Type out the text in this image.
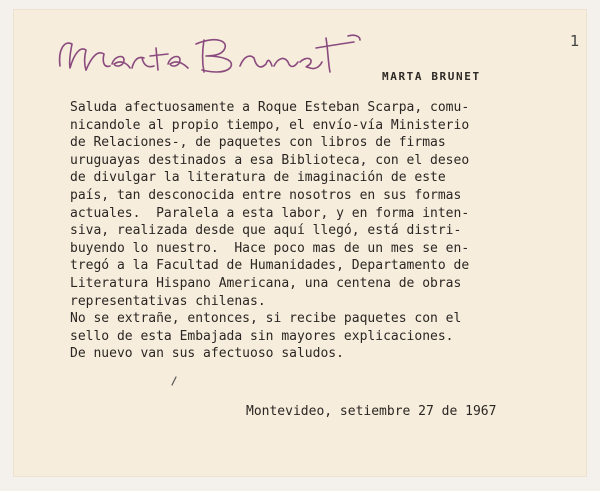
Marta Brunet
1
MARTA BRUNET
Saluda afectuosamente a Roque Esteban Scarpa, comu-
nicandole al propio tiempo, el envío-vía Ministerio
de Relaciones-, de paquetes con libros de firmas
uruguayas destinados a esa Biblioteca, con el deseo
de divulgar la literatura de imaginación de este
país, tan desconocida entre nosotros en sus formas
actuales.  Paralela a esta labor, y en forma inten-
siva, realizada desde que aquí llegó, está distri-
buyendo lo nuestro.  Hace poco mas de un mes se en-
tregó a la Facultad de Humanidades, Departamento de
Literatura Hispano Americana, una centena de obras
representativas chilenas.
No se extrañe, entonces, si recibe paquetes con el
sello de esta Embajada sin mayores explicaciones.
De nuevo van sus afectuoso saludos.
Montevideo, setiembre 27 de 1967
